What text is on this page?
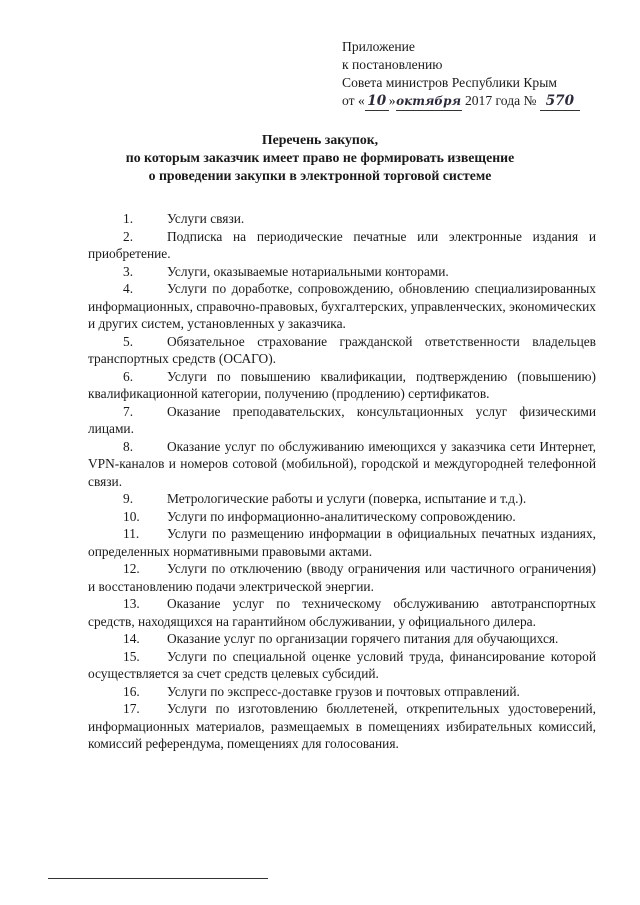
Приложение
к постановлению
Совета министров Республики Крым
от « 10 »октября 2017 года № 570
Перечень закупок,
по которым заказчик имеет право не формировать извещение
о проведении закупки в электронной торговой системе
1.	Услуги связи.
2.	Подписка на периодические печатные или электронные издания и приобретение.
3.	Услуги, оказываемые нотариальными конторами.
4.	Услуги по доработке, сопровождению, обновлению специализированных информационных, справочно-правовых, бухгалтерских, управленческих, экономических и других систем, установленных у заказчика.
5.	Обязательное страхование гражданской ответственности владельцев транспортных средств (ОСАГО).
6.	Услуги по повышению квалификации, подтверждению (повышению) квалификационной категории, получению (продлению) сертификатов.
7.	Оказание преподавательских, консультационных услуг физическими лицами.
8.	Оказание услуг по обслуживанию имеющихся у заказчика сети Интернет, VPN-каналов и номеров сотовой (мобильной), городской и междугородней телефонной связи.
9.	Метрологические работы и услуги (поверка, испытание и т.д.).
10. Услуги по информационно-аналитическому сопровождению.
11. Услуги по размещению информации в официальных печатных изданиях, определенных нормативными правовыми актами.
12. Услуги по отключению (вводу ограничения или частичного ограничения) и восстановлению подачи электрической энергии.
13. Оказание услуг по техническому обслуживанию автотранспортных средств, находящихся на гарантийном обслуживании, у официального дилера.
14. Оказание услуг по организации горячего питания для обучающихся.
15. Услуги по специальной оценке условий труда, финансирование которой осуществляется за счет средств целевых субсидий.
16. Услуги по экспресс-доставке грузов и почтовых отправлений.
17. Услуги по изготовлению бюллетеней, открепительных удостоверений, информационных материалов, размещаемых в помещениях избирательных комиссий, комиссий референдума, помещениях для голосования.
